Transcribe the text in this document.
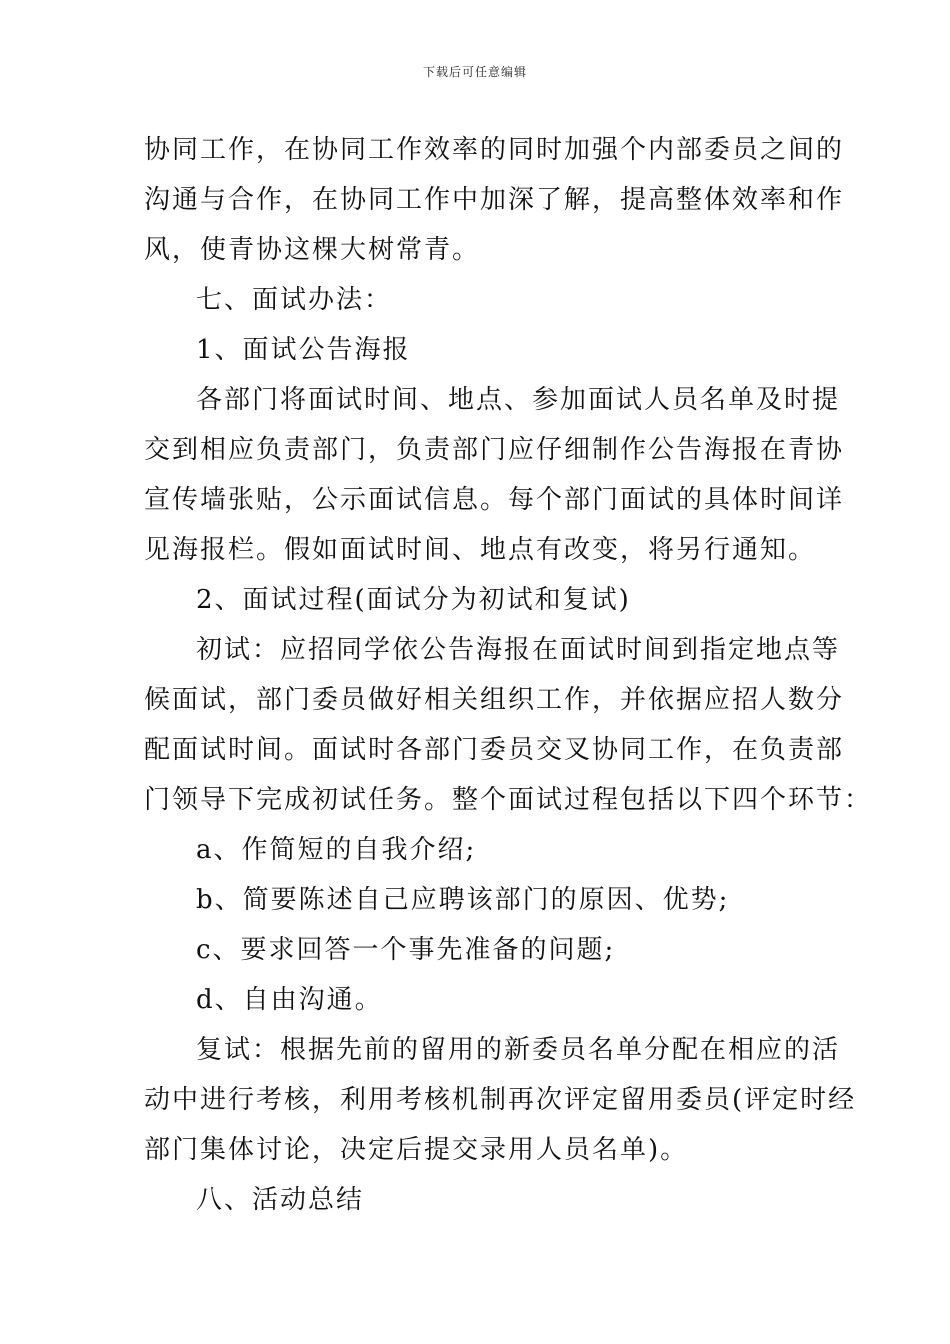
下载后可任意编辑
协同工作，在协同工作效率的同时加强个内部委员之间的
沟通与合作，在协同工作中加深了解，提高整体效率和作
风，使青协这棵大树常青。
七、面试办法：
1、面试公告海报
各部门将面试时间、地点、参加面试人员名单及时提
交到相应负责部门，负责部门应仔细制作公告海报在青协
宣传墙张贴，公示面试信息。每个部门面试的具体时间详
见海报栏。假如面试时间、地点有改变，将另行通知。
2、面试过程(面试分为初试和复试)
初试：应招同学依公告海报在面试时间到指定地点等
候面试，部门委员做好相关组织工作，并依据应招人数分
配面试时间。面试时各部门委员交叉协同工作，在负责部
门领导下完成初试任务。整个面试过程包括以下四个环节：
a、作简短的自我介绍;
b、简要陈述自己应聘该部门的原因、优势;
c、要求回答一个事先准备的问题;
d、自由沟通。
复试：根据先前的留用的新委员名单分配在相应的活
动中进行考核，利用考核机制再次评定留用委员(评定时经
部门集体讨论，决定后提交录用人员名单)。
八、活动总结
